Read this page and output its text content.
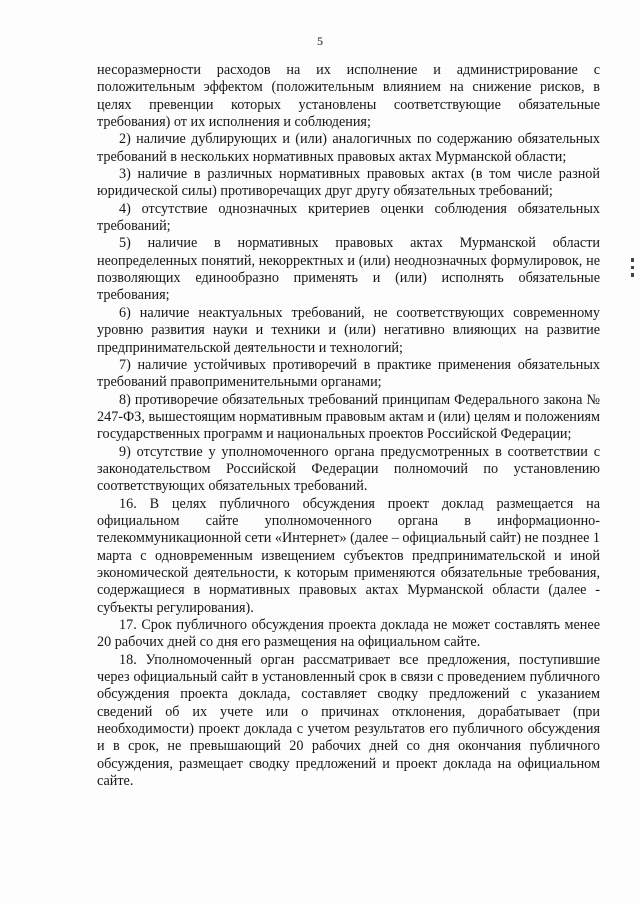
5

несоразмерности расходов на их исполнение и администрирование с положительным эффектом (положительным влиянием на снижение рисков, в целях превенции которых установлены соответствующие обязательные требования) от их исполнения и соблюдения;

2) наличие дублирующих и (или) аналогичных по содержанию обязательных требований в нескольких нормативных правовых актах Мурманской области;

3) наличие в различных нормативных правовых актах (в том числе разной юридической силы) противоречащих друг другу обязательных требований;

4) отсутствие однозначных критериев оценки соблюдения обязательных требований;

5) наличие в нормативных правовых актах Мурманской области неопределенных понятий, некорректных и (или) неоднозначных формулировок, не позволяющих единообразно применять и (или) исполнять обязательные требования;

6) наличие неактуальных требований, не соответствующих современному уровню развития науки и техники и (или) негативно влияющих на развитие предпринимательской деятельности и технологий;

7) наличие устойчивых противоречий в практике применения обязательных требований правоприменительными органами;

8) противоречие обязательных требований принципам Федерального закона № 247-ФЗ, вышестоящим нормативным правовым актам и (или) целям и положениям государственных программ и национальных проектов Российской Федерации;

9) отсутствие у уполномоченного органа предусмотренных в соответствии с законодательством Российской Федерации полномочий по установлению соответствующих обязательных требований.

16. В целях публичного обсуждения проект доклад размещается на официальном сайте уполномоченного органа в информационно-телекоммуникационной сети «Интернет» (далее – официальный сайт) не позднее 1 марта с одновременным извещением субъектов предпринимательской и иной экономической деятельности, к которым применяются обязательные требования, содержащиеся в нормативных правовых актах Мурманской области (далее - субъекты регулирования).

17. Срок публичного обсуждения проекта доклада не может составлять менее 20 рабочих дней со дня его размещения на официальном сайте.

18. Уполномоченный орган рассматривает все предложения, поступившие через официальный сайт в установленный срок в связи с проведением публичного обсуждения проекта доклада, составляет сводку предложений с указанием сведений об их учете или о причинах отклонения, дорабатывает (при необходимости) проект доклада с учетом результатов его публичного обсуждения и в срок, не превышающий 20 рабочих дней со дня окончания публичного обсуждения, размещает сводку предложений и проект доклада на официальном сайте.
